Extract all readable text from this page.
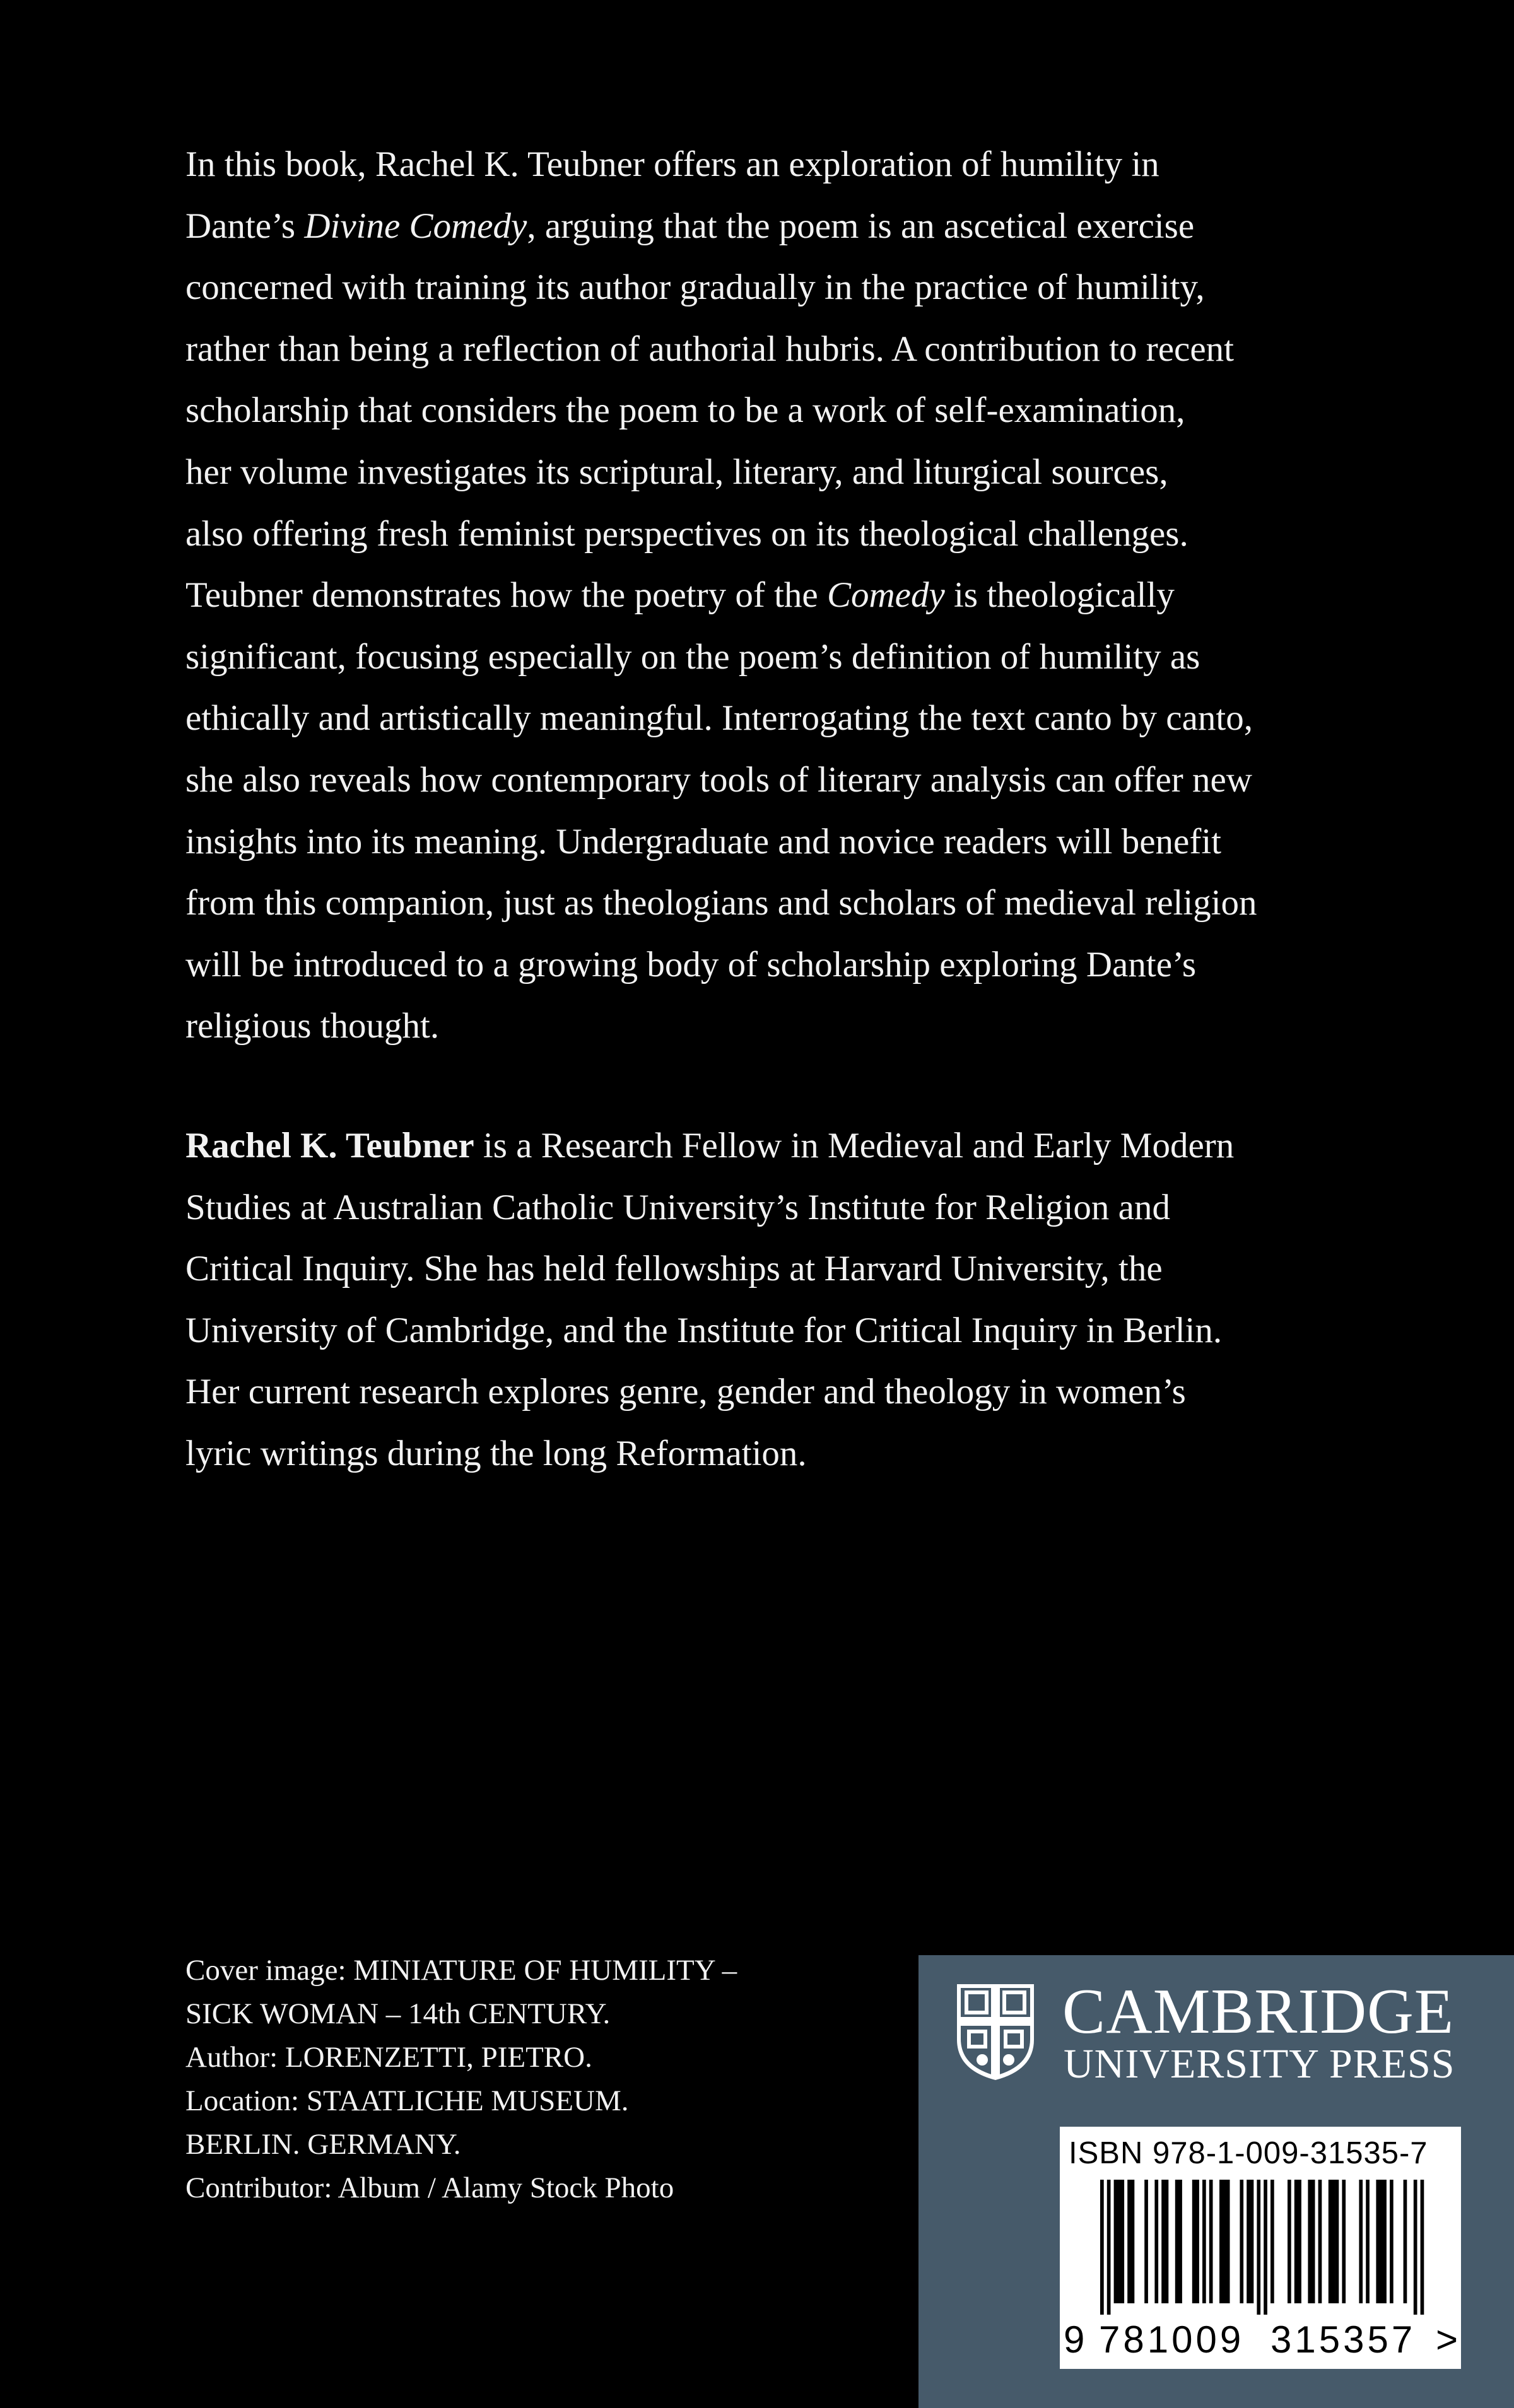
In this book, Rachel K. Teubner offers an exploration of humility in
Dante’s Divine Comedy, arguing that the poem is an ascetical exercise
concerned with training its author gradually in the practice of humility,
rather than being a reflection of authorial hubris. A contribution to recent
scholarship that considers the poem to be a work of self-examination,
her volume investigates its scriptural, literary, and liturgical sources,
also offering fresh feminist perspectives on its theological challenges.
Teubner demonstrates how the poetry of the Comedy is theologically
significant, focusing especially on the poem’s definition of humility as
ethically and artistically meaningful. Interrogating the text canto by canto,
she also reveals how contemporary tools of literary analysis can offer new
insights into its meaning. Undergraduate and novice readers will benefit
from this companion, just as theologians and scholars of medieval religion
will be introduced to a growing body of scholarship exploring Dante’s
religious thought.
Rachel K. Teubner is a Research Fellow in Medieval and Early Modern
Studies at Australian Catholic University’s Institute for Religion and
Critical Inquiry. She has held fellowships at Harvard University, the
University of Cambridge, and the Institute for Critical Inquiry in Berlin.
Her current research explores genre, gender and theology in women’s
lyric writings during the long Reformation.
Cover image: MINIATURE OF HUMILITY –
SICK WOMAN – 14th CENTURY.
Author: LORENZETTI, PIETRO.
Location: STAATLICHE MUSEUM.
BERLIN. GERMANY.
Contributor: Album / Alamy Stock Photo
CAMBRIDGE
UNIVERSITY PRESS
ISBN 978-1-009-31535-7
9 781009 315357 >
